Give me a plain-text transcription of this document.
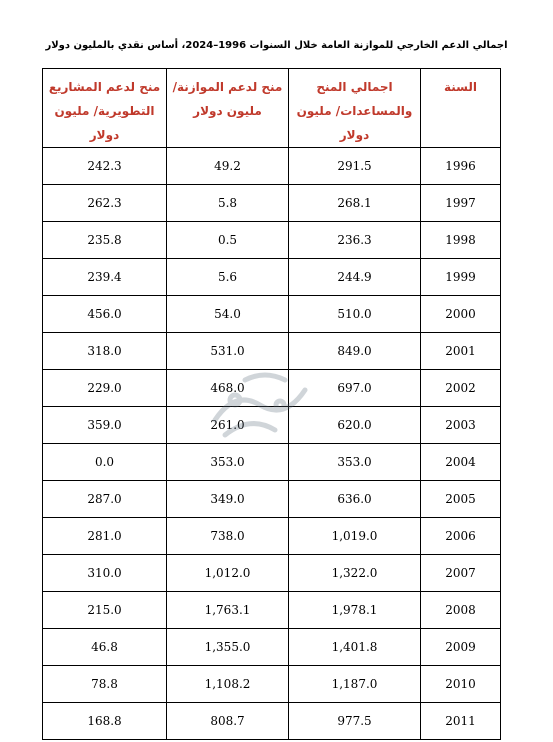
اجمالي الدعم الخارجي للموازنة العامة خلال السنوات 1996–2024، أساس نقدي بالمليون دولار
السنة	اجمالي المنح والمساعدات/ مليون دولار	منح لدعم الموازنة/ مليون دولار	منح لدعم المشاريع التطويرية/ مليون دولار
1996	291.5	49.2	242.3
1997	268.1	5.8	262.3
1998	236.3	0.5	235.8
1999	244.9	5.6	239.4
2000	510.0	54.0	456.0
2001	849.0	531.0	318.0
2002	697.0	468.0	229.0
2003	620.0	261.0	359.0
2004	353.0	353.0	0.0
2005	636.0	349.0	287.0
2006	1,019.0	738.0	281.0
2007	1,322.0	1,012.0	310.0
2008	1,978.1	1,763.1	215.0
2009	1,401.8	1,355.0	46.8
2010	1,187.0	1,108.2	78.8
2011	977.5	808.7	168.8
